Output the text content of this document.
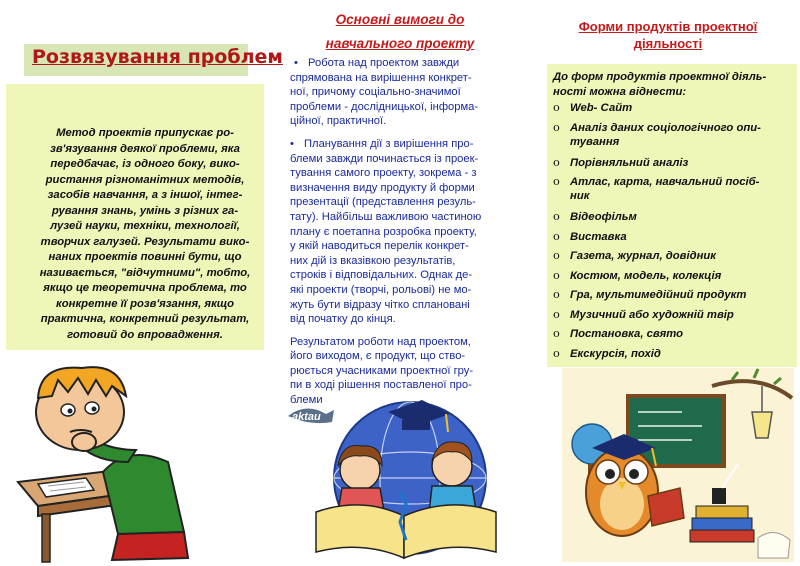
Розвязування проблем

Метод проектів припускає ро-

зв'язування деякої проблеми, яка

передбачає, із одного боку, вико-

ристання різноманітних методів,

засобів навчання, а з іншої, інтег-

рування знань, умінь з різних га-

лузей науки, техніки, технології,

творчих галузей. Результати вико-

наних проектів повинні бути, що

називається, "відчутними", тобто,

якщо це теоретична проблема, то

конкретне її розв'язання, якщо

практична, конкретний результат,

готовий до впровадження.

Основні вимоги до
навчального проекту

• Робота над проектом завжди
спрямована на вирішення конкрет-
ної, причому соціально-значимої
проблеми - дослідницької, інформа-
ційної, практичної.

• Планування дії з вирішення про-
блеми завжди починається із проек-
тування самого проекту, зокрема - з
визначення виду продукту й форми
презентації (представлення резуль-
тату). Найбільш важливою частиною
плану є поетапна розробка проекту,
у якій наводиться перелік конкрет-
них дій із вказівкою результатів,
строків і відповідальних. Однак де-
які проекти (творчі, рольові) не мо-
жуть бути відразу чітко сплановані
від початку до кінця.

Результатом роботи над проектом,
його виходом, є продукт, що ство-
рюється учасниками проектної гру-
пи в ході рішення поставленої про-
блеми

aktau
Форми продуктів проектної
діяльності
До форм продуктів проектної діяль-
ності можна віднести:
o Web- Сайт
o Аналіз даних соціологічного опи-
тування
o Порівняльний аналіз
o Атлас, карта, навчальний посіб-
ник
o Відеофільм
o Виставка
o Газета, журнал, довідник
o Костюм, модель, колекція
o Гра, мультимедійний продукт
o Музичний або художній твір
o Постановка, свято
o Екскурсія, похід
